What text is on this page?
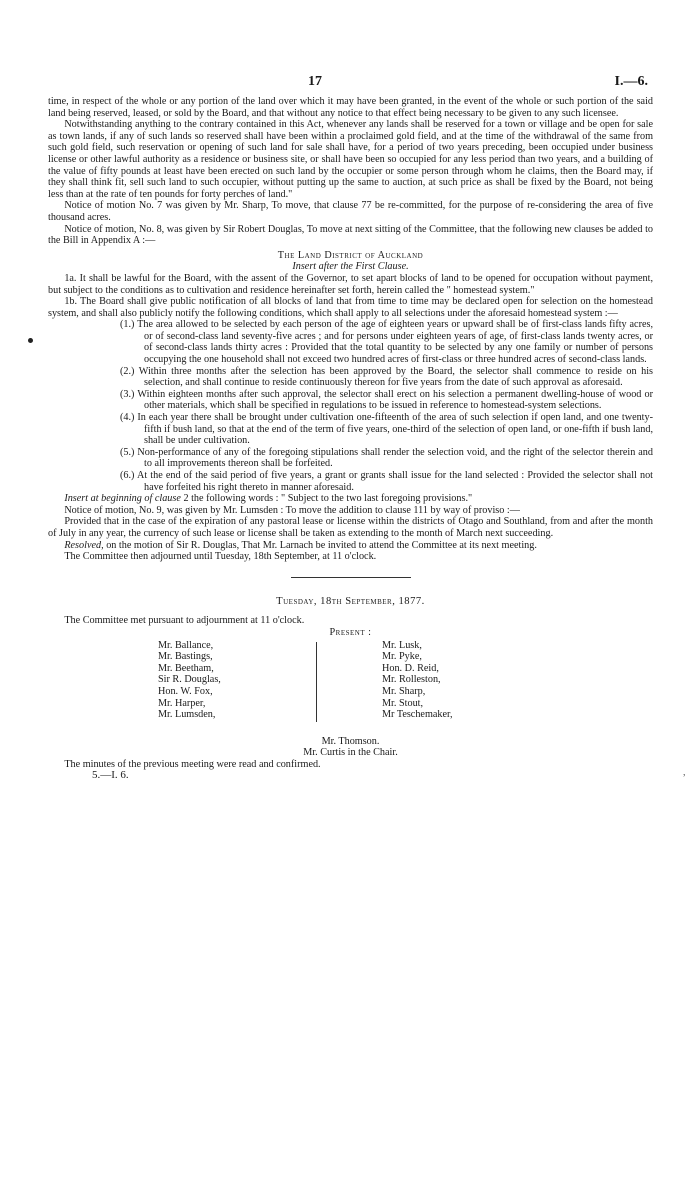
17	I.—6.
,

time, in respect of the whole or any portion of the land over which it may have been granted, in the event of the whole or such portion of the said land being reserved, leased, or sold by the Board, and that without any notice to that effect being necessary to be given to any such licensee.

Notwithstanding anything to the contrary contained in this Act, whenever any lands shall be reserved for a town or village and be open for sale as town lands, if any of such lands so reserved shall have been within a proclaimed gold field, and at the time of the withdrawal of the same from such gold field, such reservation or opening of such land for sale shall have, for a period of two years preceding, been occupied under business license or other lawful authority as a residence or business site, or shall have been so occupied for any less period than two years, and a building of the value of fifty pounds at least have been erected on such land by the occupier or some person through whom he claims, then the Board may, if they shall think fit, sell such land to such occupier, without putting up the same to auction, at such price as shall be fixed by the Board, not being less than at the rate of ten pounds for forty perches of land."

Notice of motion No. 7 was given by Mr. Sharp, To move, that clause 77 be re-committed, for the purpose of re-considering the area of five thousand acres.

Notice of motion, No. 8, was given by Sir Robert Douglas, To move at next sitting of the Committee, that the following new clauses be added to the Bill in Appendix A :—

The Land District of Auckland

Insert after the First Clause.

1a. It shall be lawful for the Board, with the assent of the Governor, to set apart blocks of land to be opened for occupation without payment, but subject to the conditions as to cultivation and residence hereinafter set forth, herein called the " homestead system."

1b. The Board shall give public notification of all blocks of land that from time to time may be declared open for selection on the homestead system, and shall also publicly notify the following conditions, which shall apply to all selections under the aforesaid homestead system :—

(1.) The area allowed to be selected by each person of the age of eighteen years or upward shall be of first-class lands fifty acres, or of second-class land seventy-five acres ; and for persons under eighteen years of age, of first-class lands twenty acres, or of second-class lands thirty acres : Provided that the total quantity to be selected by any one family or number of persons occupying the one household shall not exceed two hundred acres of first-class or three hundred acres of second-class lands.

(2.) Within three months after the selection has been approved by the Board, the selector shall commence to reside on his selection, and shall continue to reside continuously thereon for five years from the date of such approval as aforesaid.

(3.) Within eighteen months after such approval, the selector shall erect on his selection a permanent dwelling-house of wood or other materials, which shall be specified in regulations to be issued in reference to homestead-system selections.

(4.) In each year there shall be brought under cultivation one-fifteenth of the area of such selection if open land, and one twenty-fifth if bush land, so that at the end of the term of five years, one-third of the selection of open land, or one-fifth if bush land, shall be under cultivation.

(5.) Non-performance of any of the foregoing stipulations shall render the selection void, and the right of the selector therein and to all improvements thereon shall be forfeited.

(6.) At the end of the said period of five years, a grant or grants shall issue for the land selected : Provided the selector shall not have forfeited his right thereto in manner aforesaid.

Insert at beginning of clause 2 the following words : " Subject to the two last foregoing provisions."

Notice of motion, No. 9, was given by Mr. Lumsden : To move the addition to clause 111 by way of proviso :—

Provided that in the case of the expiration of any pastoral lease or license within the districts of Otago and Southland, from and after the month of July in any year, the currency of such lease or license shall be taken as extending to the month of March next succeeding.

Resolved, on the motion of Sir R. Douglas, That Mr. Larnach be invited to attend the Committee at its next meeting.

The Committee then adjourned until Tuesday, 18th September, at 11 o'clock.

Tuesday, 18th September, 1877.

The Committee met pursuant to adjournment at 11 o'clock.

Present :

Mr. Ballance,
Mr. Bastings,
Mr. Beetham,
Sir R. Douglas,
Hon. W. Fox,
Mr. Harper,
Mr. Lumsden,
Mr. Lusk,
Mr. Pyke,
Hon. D. Reid,
Mr. Rolleston,
Mr. Sharp,
Mr. Stout,
Mr Teschemaker,

Mr. Thomson.

Mr. Curtis in the Chair.

The minutes of the previous meeting were read and confirmed.

5.—I. 6.
